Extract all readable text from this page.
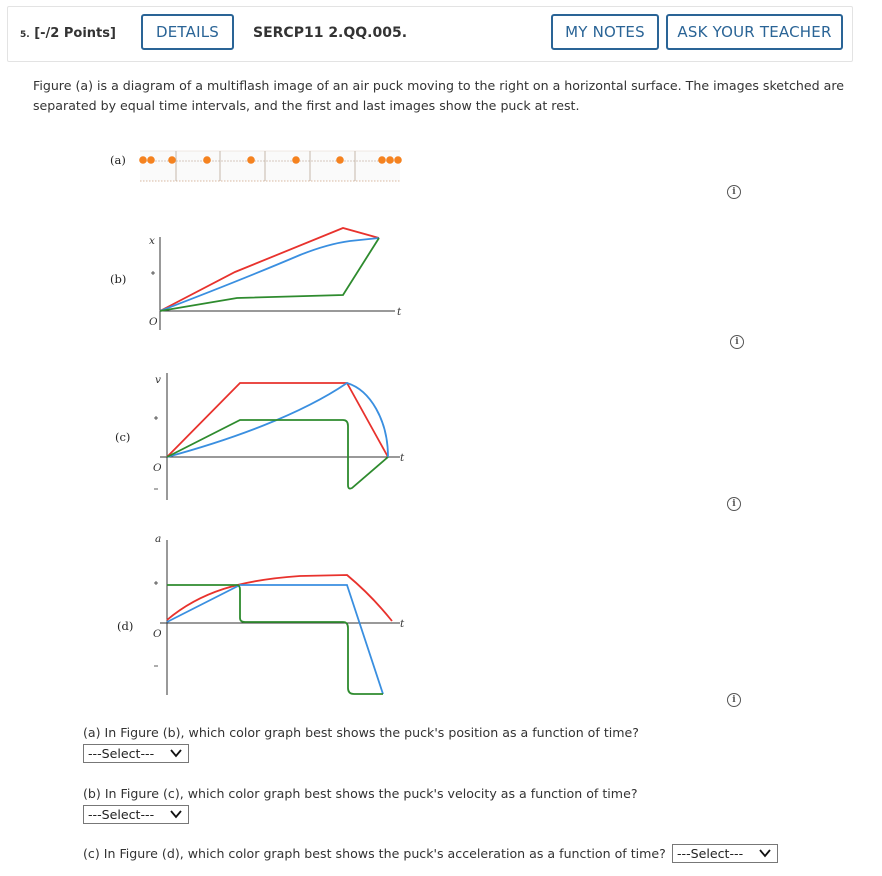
5. [-/2 Points]	DETAILS	SERCP11 2.QQ.005.	MY NOTES	ASK YOUR TEACHER
Figure (a) is a diagram of a multiflash image of an air puck moving to the right on a horizontal surface. The images sketched are separated by equal time intervals, and the first and last images show the puck at rest.
(a)
(b)
x
t
O
(c)
v
t
O
(d)
a
t
O
i
i
i
i
(a) In Figure (b), which color graph best shows the puck's position as a function of time?
---Select---
(b) In Figure (c), which color graph best shows the puck's velocity as a function of time?
---Select---
(c) In Figure (d), which color graph best shows the puck's acceleration as a function of time? ---Select---
